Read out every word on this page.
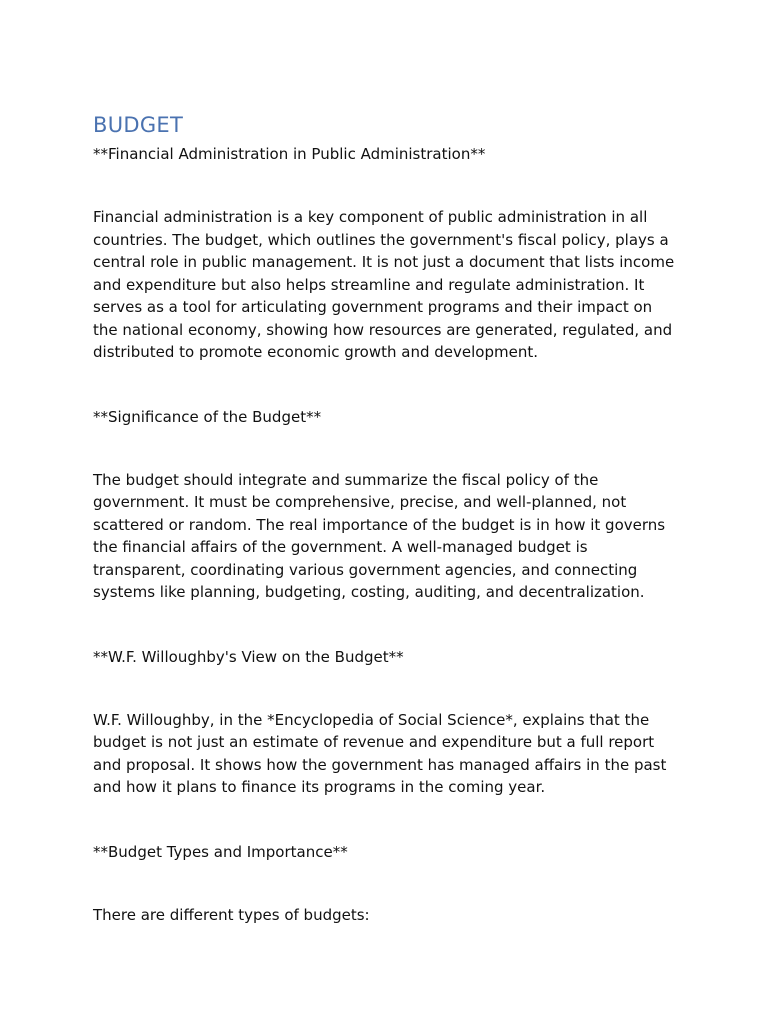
BUDGET

**Financial Administration in Public Administration**

Financial administration is a key component of public administration in all countries. The budget, which outlines the government's fiscal policy, plays a central role in public management. It is not just a document that lists income and expenditure but also helps streamline and regulate administration. It serves as a tool for articulating government programs and their impact on the national economy, showing how resources are generated, regulated, and distributed to promote economic growth and development.

**Significance of the Budget**

The budget should integrate and summarize the fiscal policy of the government. It must be comprehensive, precise, and well-planned, not scattered or random. The real importance of the budget is in how it governs the financial affairs of the government. A well-managed budget is transparent, coordinating various government agencies, and connecting systems like planning, budgeting, costing, auditing, and decentralization.

**W.F. Willoughby's View on the Budget**

W.F. Willoughby, in the *Encyclopedia of Social Science*, explains that the budget is not just an estimate of revenue and expenditure but a full report and proposal. It shows how the government has managed affairs in the past and how it plans to finance its programs in the coming year.

**Budget Types and Importance**

There are different types of budgets:
